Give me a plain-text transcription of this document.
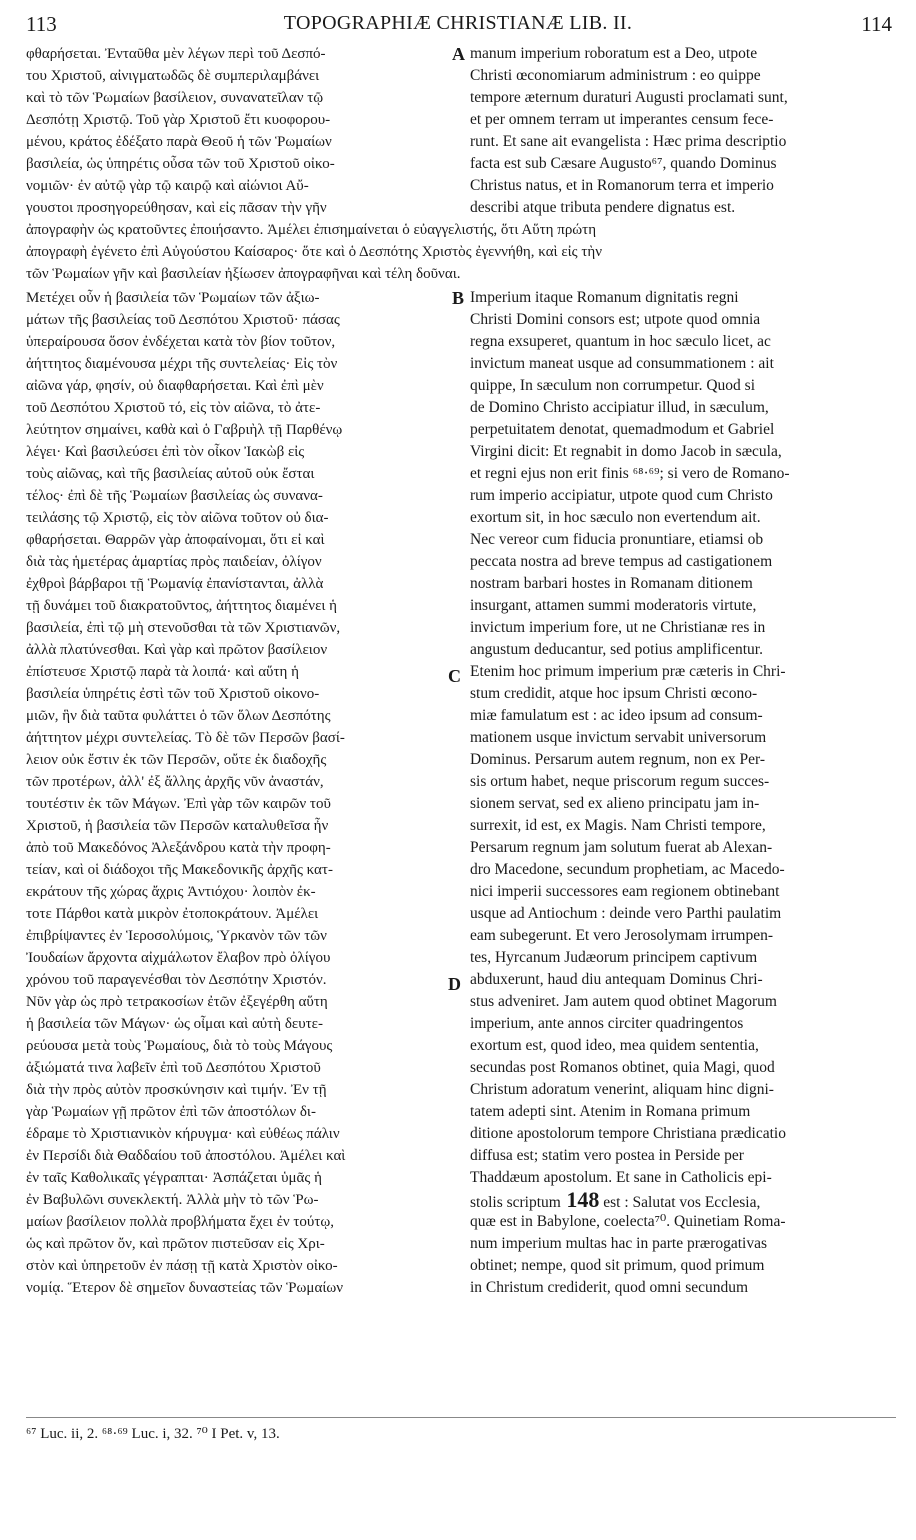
113	TOPOGRAPHIÆ CHRISTIANÆ LIB. II.	114
φθαρήσεται. Ἐνταῦθα μὲν λέγων περὶ τοῦ Δεσπό-
του Χριστοῦ, αἰνιγματωδῶς δὲ συμπεριλαμβάνει
καὶ τὸ τῶν Ῥωμαίων βασίλειον, συνανατεῖλαν τῷ
Δεσπότῃ Χριστῷ. Τοῦ γὰρ Χριστοῦ ἔτι κυοφορου-
μένου, κράτος ἐδέξατο παρὰ Θεοῦ ἡ τῶν Ῥωμαίων
βασιλεία, ὡς ὑπηρέτις οὖσα τῶν τοῦ Χριστοῦ οἰκο-
νομιῶν· ἐν αὐτῷ γὰρ τῷ καιρῷ καὶ αἰώνιοι Αὔ-
γουστοι προσηγορεύθησαν, καὶ εἰς πᾶσαν τὴν γῆν
A manum imperium roboratum est a Deo, utpote
Christi œconomiarum administrum : eo quippe
tempore æternum duraturi Augusti proclamati sunt,
et per omnem terram ut imperantes censum fece-
runt. Et sane ait evangelista : Hæc prima descriptio
facta est sub Cæsare Augusto⁶⁷, quando Dominus
Christus natus, et in Romanorum terra et imperio
describi atque tributa pendere dignatus est.
ἀπογραφὴν ὡς κρατοῦντες ἐποιήσαντο. Ἀμέλει ἐπισημαίνεται ὁ εὐαγγελιστής, ὅτι Αὕτη πρώτη
ἀπογραφὴ ἐγένετο ἐπὶ Αὐγούστου Καίσαρος· ὅτε καὶ ὁ Δεσπότης Χριστὸς ἐγεννήθη, καὶ εἰς τὴν
τῶν Ῥωμαίων γῆν καὶ βασιλείαν ἠξίωσεν ἀπογραφῆναι καὶ τέλη δοῦναι.
Μετέχει οὖν ἡ βασιλεία τῶν Ῥωμαίων τῶν ἀξιω-
μάτων τῆς βασιλείας τοῦ Δεσπότου Χριστοῦ· πάσας
ὑπεραίρουσα ὅσον ἐνδέχεται κατὰ τὸν βίον τοῦτον,
ἀήττητος διαμένουσα μέχρι τῆς συντελείας· Εἰς τὸν
αἰῶνα γάρ, φησίν, οὐ διαφθαρήσεται. Καὶ ἐπὶ μὲν
τοῦ Δεσπότου Χριστοῦ τό, εἰς τὸν αἰῶνα, τὸ ἀτε-
λεύτητον σημαίνει, καθὰ καὶ ὁ Γαβριὴλ τῇ Παρθένῳ
λέγει· Καὶ βασιλεύσει ἐπὶ τὸν οἶκον Ἰακὼβ εἰς
τοὺς αἰῶνας, καὶ τῆς βασιλείας αὐτοῦ οὐκ ἔσται
τέλος· ἐπὶ δὲ τῆς Ῥωμαίων βασιλείας ὡς συνανα-
τειλάσης τῷ Χριστῷ, εἰς τὸν αἰῶνα τοῦτον οὐ δια-
φθαρήσεται. Θαρρῶν γὰρ ἀποφαίνομαι, ὅτι εἰ καὶ
διὰ τὰς ἡμετέρας ἁμαρτίας πρὸς παιδείαν, ὀλίγον
ἐχθροὶ βάρβαροι τῇ Ῥωμανίᾳ ἐπανίστανται, ἀλλὰ
τῇ δυνάμει τοῦ διακρατοῦντος, ἀήττητος διαμένει ἡ
βασιλεία, ἐπὶ τῷ μὴ στενοῦσθαι τὰ τῶν Χριστιανῶν,
ἀλλὰ πλατύνεσθαι. Καὶ γὰρ καὶ πρῶτον βασίλειον
ἐπίστευσε Χριστῷ παρὰ τὰ λοιπά· καὶ αὕτη ἡ
βασιλεία ὑπηρέτις ἐστὶ τῶν τοῦ Χριστοῦ οἰκονο-
μιῶν, ἣν διὰ ταῦτα φυλάττει ὁ τῶν ὅλων Δεσπότης
ἀήττητον μέχρι συντελείας. Τὸ δὲ τῶν Περσῶν βασί-
λειον οὐκ ἔστιν ἐκ τῶν Περσῶν, οὔτε ἐκ διαδοχῆς
τῶν προτέρων, ἀλλ' ἐξ ἄλλης ἀρχῆς νῦν ἀναστάν,
τουτέστιν ἐκ τῶν Μάγων. Ἐπὶ γὰρ τῶν καιρῶν τοῦ
Χριστοῦ, ἡ βασιλεία τῶν Περσῶν καταλυθεῖσα ἦν
ἀπὸ τοῦ Μακεδόνος Ἀλεξάνδρου κατὰ τὴν προφη-
τείαν, καὶ οἱ διάδοχοι τῆς Μακεδονικῆς ἀρχῆς κατ-
εκράτουν τῆς χώρας ἄχρις Ἀντιόχου· λοιπὸν ἐκ-
τοτε Πάρθοι κατὰ μικρὸν ἐτοποκράτουν. Ἀμέλει
ἐπιβρίψαντες ἐν Ἱεροσολύμοις, Ὑρκανὸν τῶν τῶν
Ἰουδαίων ἄρχοντα αἰχμάλωτον ἔλαβον πρὸ ὀλίγου
χρόνου τοῦ παραγενέσθαι τὸν Δεσπότην Χριστόν.
Νῦν γὰρ ὡς πρὸ τετρακοσίων ἐτῶν ἐξεγέρθη αὕτη
ἡ βασιλεία τῶν Μάγων· ὡς οἶμαι καὶ αὐτὴ δευτε-
ρεύουσα μετὰ τοὺς Ῥωμαίους, διὰ τὸ τοὺς Μάγους
ἀξιώματά τινα λαβεῖν ἐπὶ τοῦ Δεσπότου Χριστοῦ
διὰ τὴν πρὸς αὐτὸν προσκύνησιν καὶ τιμήν. Ἐν τῇ
γὰρ Ῥωμαίων γῇ πρῶτον ἐπὶ τῶν ἀποστόλων δι-
έδραμε τὸ Χριστιανικὸν κήρυγμα· καὶ εὐθέως πάλιν
ἐν Περσίδι διὰ Θαδδαίου τοῦ ἀποστόλου. Ἀμέλει καὶ
ἐν ταῖς Καθολικαῖς γέγραπται· Ἀσπάζεται ὑμᾶς ἡ
ἐν Βαβυλῶνι συνεκλεκτή. Ἀλλὰ μὴν τὸ τῶν Ῥω-
μαίων βασίλειον πολλὰ προβλήματα ἔχει ἐν τούτῳ,
ὡς καὶ πρῶτον ὄν, καὶ πρῶτον πιστεῦσαν εἰς Χρι-
στὸν καὶ ὑπηρετοῦν ἐν πάσῃ τῇ κατὰ Χριστὸν οἰκο-
νομίᾳ. Ἕτερον δὲ σημεῖον δυναστείας τῶν Ῥωμαίων
B
C
D
Imperium itaque Romanum dignitatis regni
Christi Domini consors est; utpote quod omnia
regna exsuperet, quantum in hoc sæculo licet, ac
invictum maneat usque ad consummationem : ait
quippe, In sæculum non corrumpetur. Quod si
de Domino Christo accipiatur illud, in sæculum,
perpetuitatem denotat, quemadmodum et Gabriel
Virgini dicit: Et regnabit in domo Jacob in sæcula,
et regni ejus non erit finis ⁶⁸·⁶⁹; si vero de Romano-
rum imperio accipiatur, utpote quod cum Christo
exortum sit, in hoc sæculo non evertendum ait.
Nec vereor cum fiducia pronuntiare, etiamsi ob
peccata nostra ad breve tempus ad castigationem
nostram barbari hostes in Romanam ditionem
insurgant, attamen summi moderatoris virtute,
invictum imperium fore, ut ne Christianæ res in
angustum deducantur, sed potius amplificentur.
Etenim hoc primum imperium præ cæteris in Chri-
stum credidit, atque hoc ipsum Christi œcono-
miæ famulatum est : ac ideo ipsum ad consum-
mationem usque invictum servabit universorum
Dominus. Persarum autem regnum, non ex Per-
sis ortum habet, neque priscorum regum succes-
sionem servat, sed ex alieno principatu jam in-
surrexit, id est, ex Magis. Nam Christi tempore,
Persarum regnum jam solutum fuerat ab Alexan-
dro Macedone, secundum prophetiam, ac Macedo-
nici imperii successores eam regionem obtinebant
usque ad Antiochum : deinde vero Parthi paulatim
eam subegerunt. Et vero Jerosolymam irrumpen-
tes, Hyrcanum Judæorum principem captivum
abduxerunt, haud diu antequam Dominus Chri-
stus adveniret. Jam autem quod obtinet Magorum
imperium, ante annos circiter quadringentos
exortum est, quod ideo, mea quidem sententia,
secundas post Romanos obtinet, quia Magi, quod
Christum adoratum venerint, aliquam hinc digni-
tatem adepti sint. Atenim in Romana primum
ditione apostolorum tempore Christiana prædicatio
diffusa est; statim vero postea in Perside per
Thaddæum apostolum. Et sane in Catholicis epi-
stolis scriptum 148 est : Salutat vos Ecclesia,
quæ est in Babylone, coelecta⁷⁰. Quinetiam Roma-
num imperium multas hac in parte prærogativas
obtinet; nempe, quod sit primum, quod primum
in Christum crediderit, quod omni secundum
⁶⁷ Luc. ii, 2. ⁶⁸·⁶⁹ Luc. i, 32. ⁷⁰ I Pet. v, 13.
